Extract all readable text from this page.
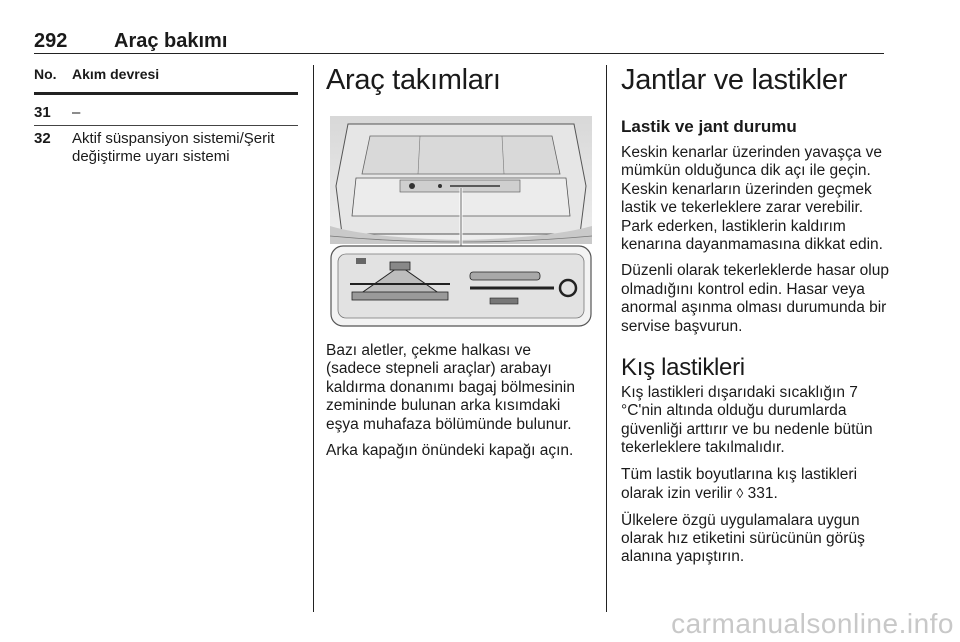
292 Araç bakımı
No. Akım devresi
31 –
32 Aktif süspansiyon sistemi/Şerit değiştirme uyarı sistemi
Araç takımları

Bazı aletler, çekme halkası ve (sadece stepneli araçlar) arabayı kaldırma donanımı bagaj bölmesinin zemininde bulunan arka kısımdaki eşya muhafaza bölümünde bulunur.

Arka kapağın önündeki kapağı açın.

Jantlar ve lastikler
Lastik ve jant durumu

Keskin kenarlar üzerinden yavaşça ve mümkün olduğunca dik açı ile geçin. Keskin kenarların üzerinden geçmek lastik ve tekerleklere zarar verebilir. Park ederken, lastiklerin kaldırım kenarına dayanmamasına dikkat edin.

Düzenli olarak tekerleklerde hasar olup olmadığını kontrol edin. Hasar veya anormal aşınma olması durumunda bir servise başvurun.

Kış lastikleri

Kış lastikleri dışarıdaki sıcaklığın 7 °C'nin altında olduğu durumlarda güvenliği arttırır ve bu nedenle bütün tekerleklere takılmalıdır.

Tüm lastik boyutlarına kış lastikleri olarak izin verilir ◊ 331.

Ülkelere özgü uygulamalara uygun olarak hız etiketini sürücünün görüş alanına yapıştırın.

carmanualsonline.info
